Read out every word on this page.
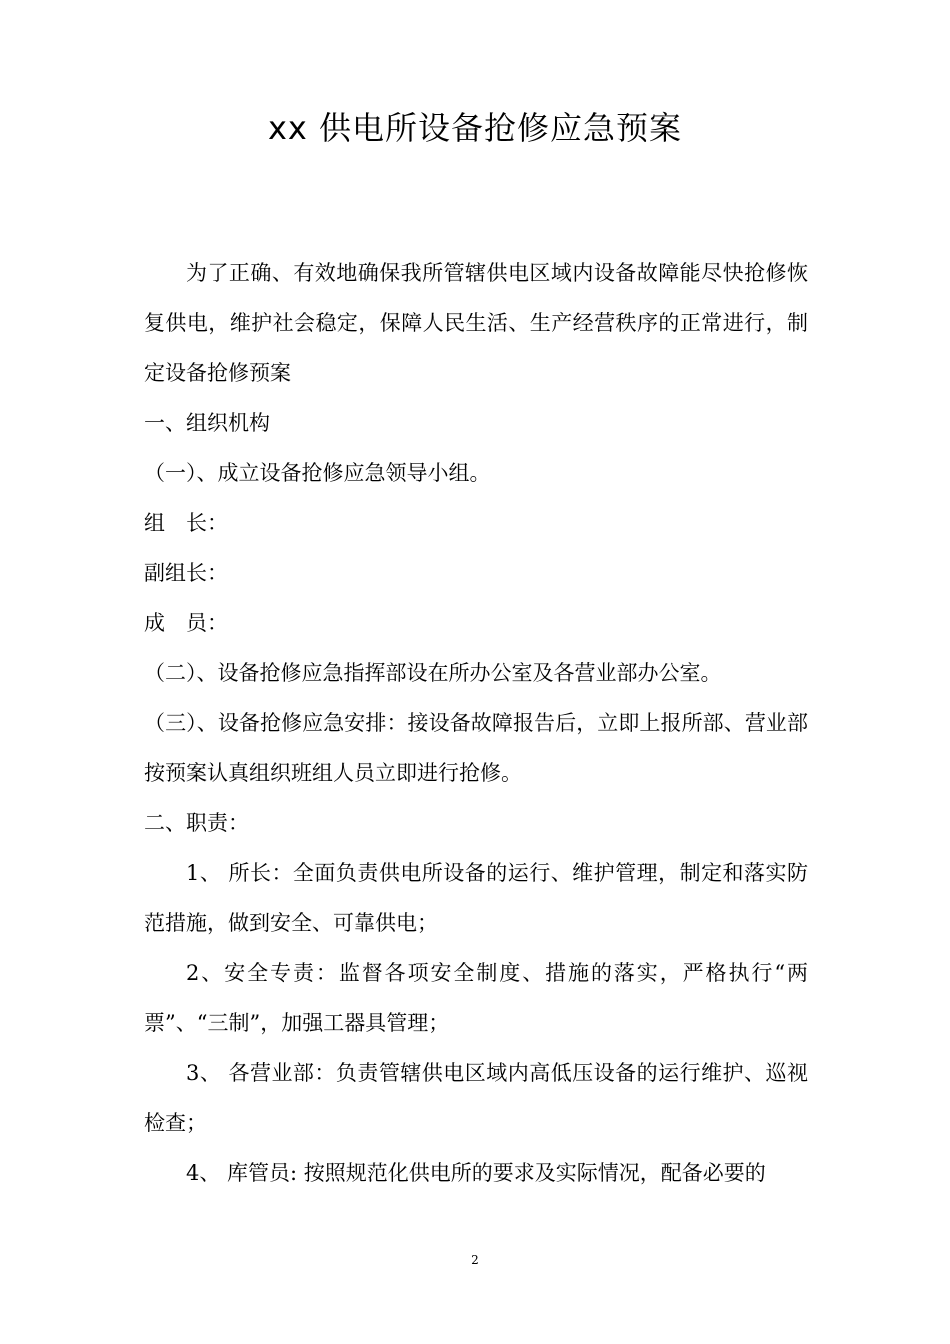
xx 供电所设备抢修应急预案

为了正确、有效地确保我所管辖供电区域内设备故障能尽快抢修恢复供电，维护社会稳定，保障人民生活、生产经营秩序的正常进行，制定设备抢修预案

一、组织机构

（一）、成立设备抢修应急领导小组。

组　长：

副组长：

成　员：

（二）、设备抢修应急指挥部设在所办公室及各营业部办公室。

（三）、设备抢修应急安排：接设备故障报告后，立即上报所部、营业部按预案认真组织班组人员立即进行抢修。

二、职责：

1、 所长：全面负责供电所设备的运行、维护管理，制定和落实防范措施，做到安全、可靠供电；

2、安全专责：监督各项安全制度、措施的落实，严格执行“两票”、“三制”，加强工器具管理；

3、 各营业部：负责管辖供电区域内高低压设备的运行维护、巡视检查；

4、 库管员: 按照规范化供电所的要求及实际情况，配备必要的

2
